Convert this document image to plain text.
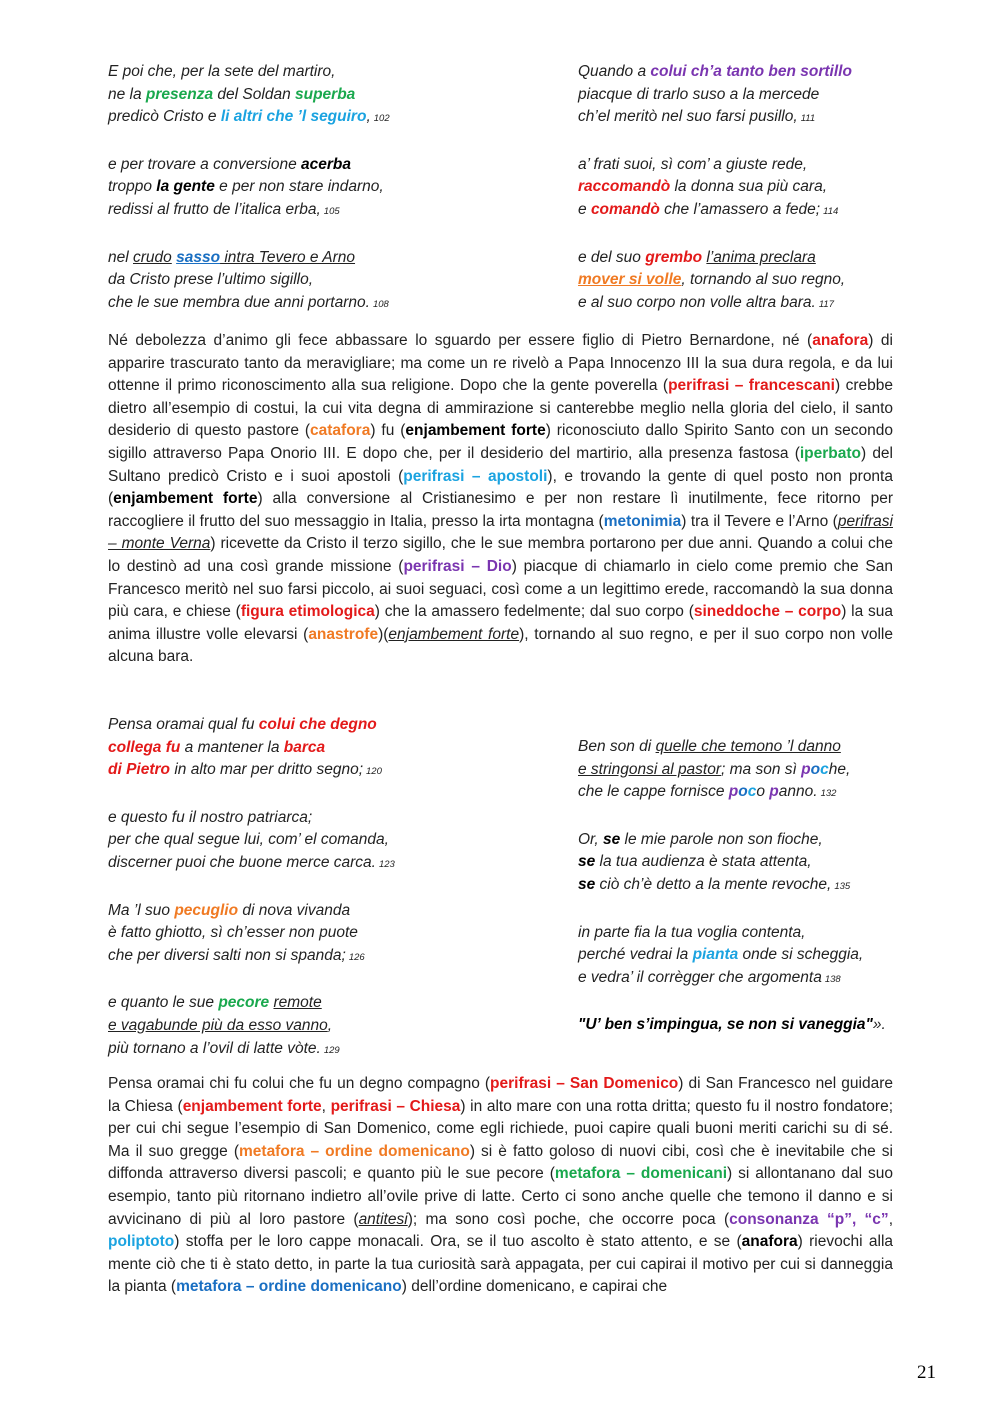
E poi che, per la sete del martiro,
ne la presenza del Soldan superba
predicò Cristo e li altri che ’l seguiro, 102
e per trovare a conversione acerba
troppo la gente e per non stare indarno,
redissi al frutto de l’italica erba, 105
nel crudo sasso intra Tevero e Arno
da Cristo prese l’ultimo sigillo,
che le sue membra due anni portarno. 108
Quando a colui ch’a tanto ben sortillo
piacque di trarlo suso a la mercede
ch’el meritò nel suo farsi pusillo, 111
a’ frati suoi, sì com’ a giuste rede,
raccomandò la donna sua più cara,
e comandò che l’amassero a fede; 114
e del suo grembo l’anima preclara
mover si volle, tornando al suo regno,
e al suo corpo non volle altra bara. 117
Né debolezza d’animo gli fece abbassare lo sguardo per essere figlio di Pietro Bernardone, né (anafora) di apparire trascurato tanto da meravigliare; ma come un re rivelò a Papa Innocenzo III la sua dura regola, e da lui ottenne il primo riconoscimento alla sua religione. Dopo che la gente poverella (perifrasi – francescani) crebbe dietro all’esempio di costui, la cui vita degna di ammirazione si canterebbe meglio nella gloria del cielo, il santo desiderio di questo pastore (catafora) fu (enjambement forte) riconosciuto dallo Spirito Santo con un secondo sigillo attraverso Papa Onorio III. E dopo che, per il desiderio del martirio, alla presenza fastosa (iperbato) del Sultano predicò Cristo e i suoi apostoli (perifrasi – apostoli), e trovando la gente di quel posto non pronta (enjambement forte) alla conversione al Cristianesimo e per non restare lì inutilmente, fece ritorno per raccogliere il frutto del suo messaggio in Italia, presso la irta montagna (metonimia) tra il Tevere e l’Arno (perifrasi – monte Verna) ricevette da Cristo il terzo sigillo, che le sue membra portarono per due anni. Quando a colui che lo destinò ad una così grande missione (perifrasi – Dio) piacque di chiamarlo in cielo come premio che San Francesco meritò nel suo farsi piccolo, ai suoi seguaci, così come a un legittimo erede, raccomandò la sua donna più cara, e chiese (figura etimologica) che la amassero fedelmente; dal suo corpo (sineddoche – corpo) la sua anima illustre volle elevarsi (anastrofe)(enjambement forte), tornando al suo regno, e per il suo corpo non volle alcuna bara.
Pensa oramai qual fu colui che degno
collega fu a mantener la barca
di Pietro in alto mar per dritto segno; 120
e questo fu il nostro patriarca;
per che qual segue lui, com’ el comanda,
discerner puoi che buone merce carca. 123
Ma ’l suo pecuglio di nova vivanda
è fatto ghiotto, sì ch’esser non puote
che per diversi salti non si spanda; 126
e quanto le sue pecore remote
e vagabunde più da esso vanno,
più tornano a l’ovil di latte vòte. 129
Ben son di quelle che temono ’l danno
e stringonsi al pastor; ma son sì poche,
che le cappe fornisce poco panno. 132
Or, se le mie parole non son fioche,
se la tua audienza è stata attenta,
se ciò ch’è detto a la mente revoche, 135
in parte fia la tua voglia contenta,
perché vedrai la pianta onde si scheggia,
e vedra’ il corrègger che argomenta 138
"U’ ben s’impingua, se non si vaneggia"».
Pensa oramai chi fu colui che fu un degno compagno (perifrasi – San Domenico) di San Francesco nel guidare la Chiesa (enjambement forte, perifrasi – Chiesa) in alto mare con una rotta dritta; questo fu il nostro fondatore; per cui chi segue l’esempio di San Domenico, come egli richiede, puoi capire quali buoni meriti carichi su di sé. Ma il suo gregge (metafora – ordine domenicano) si è fatto goloso di nuovi cibi, così che è inevitabile che si diffonda attraverso diversi pascoli; e quanto più le sue pecore (metafora – domenicani) si allontanano dal suo esempio, tanto più ritornano indietro all’ovile prive di latte. Certo ci sono anche quelle che temono il danno e si avvicinano di più al loro pastore (antitesi); ma sono così poche, che occorre poca (consonanza “p”, “c”, poliptoto) stoffa per le loro cappe monacali. Ora, se il tuo ascolto è stato attento, e se (anafora) rievochi alla mente ciò che ti è stato detto, in parte la tua curiosità sarà appagata, per cui capirai il motivo per cui si danneggia la pianta (metafora – ordine domenicano) dell’ordine domenicano, e capirai che
21
